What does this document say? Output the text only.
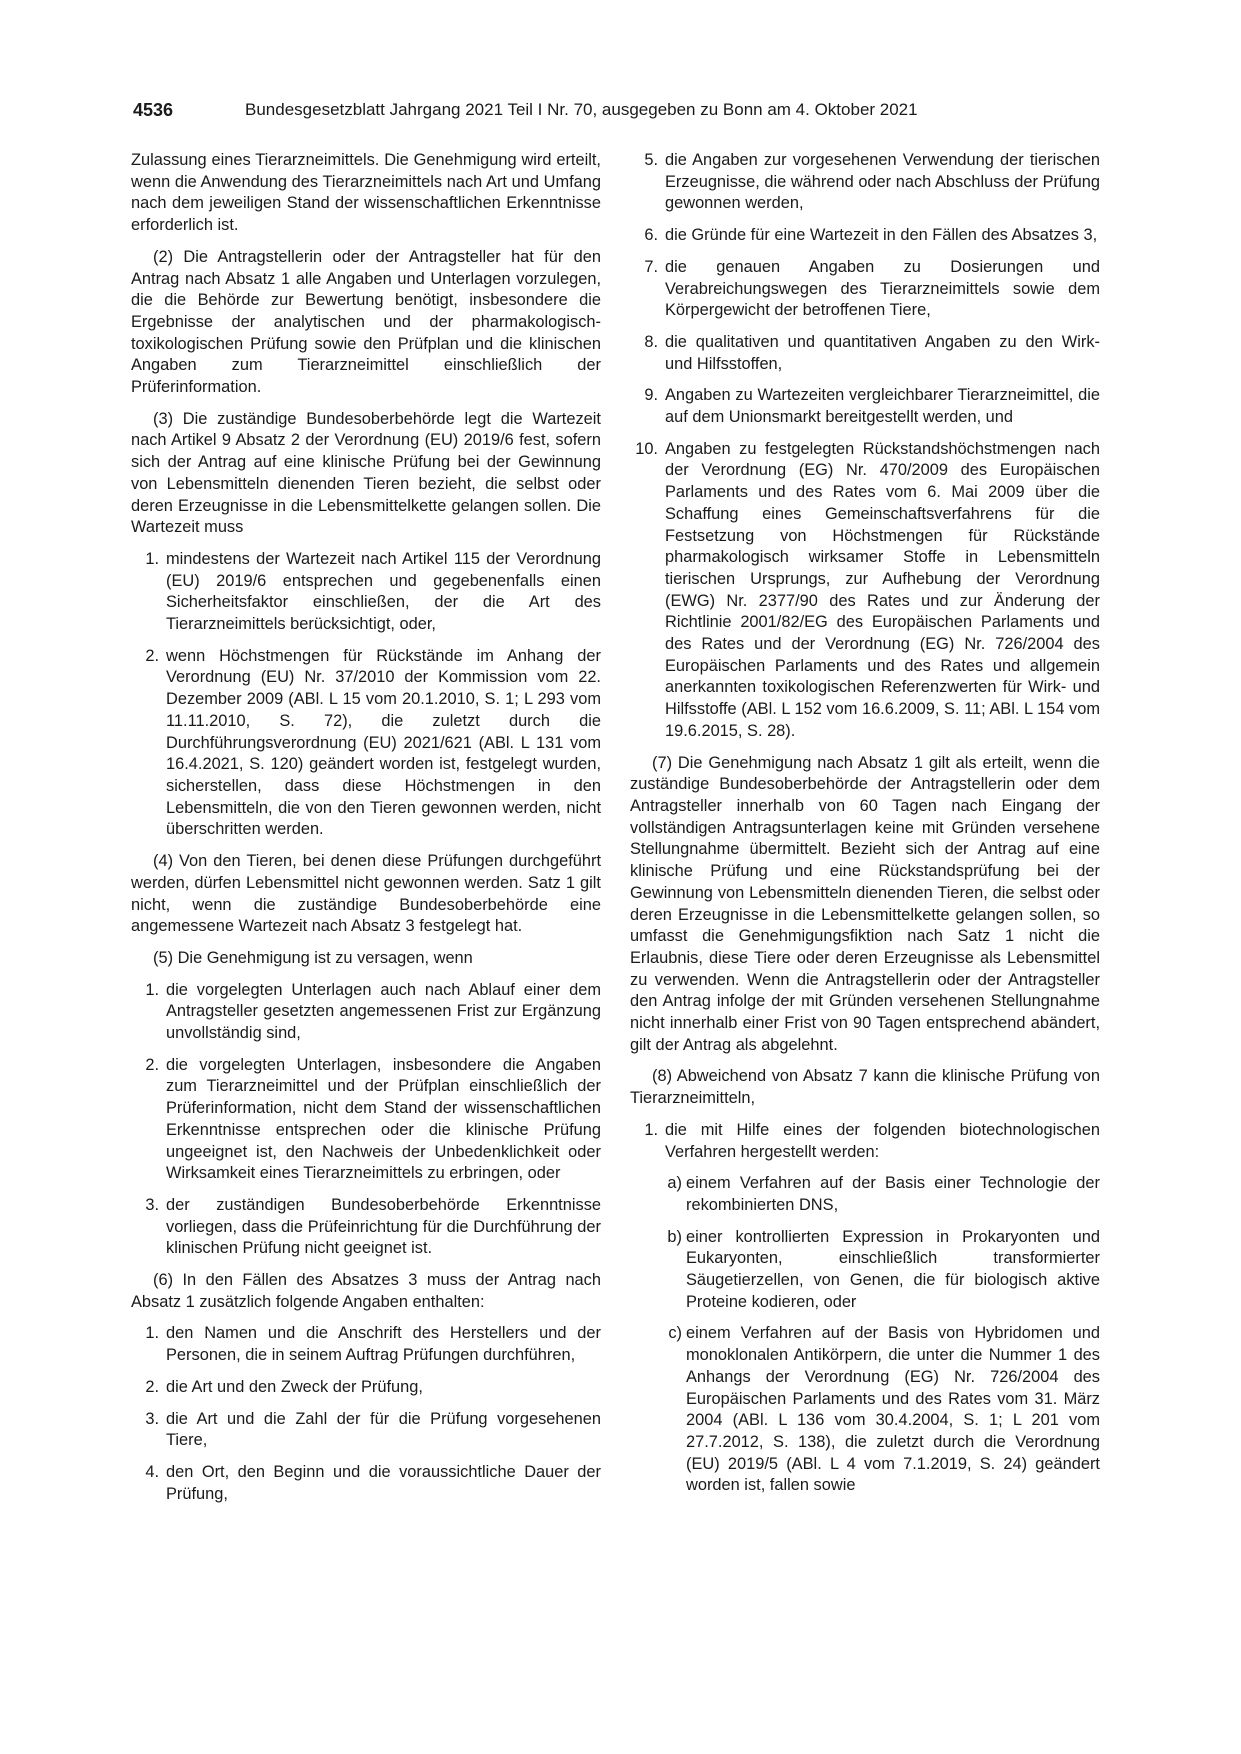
4536	Bundesgesetzblatt Jahrgang 2021 Teil I Nr. 70, ausgegeben zu Bonn am 4. Oktober 2021

Zulassung eines Tierarzneimittels. Die Genehmigung wird erteilt, wenn die Anwendung des Tierarzneimittels nach Art und Umfang nach dem jeweiligen Stand der wissenschaftlichen Erkenntnisse erforderlich ist.

(2) Die Antragstellerin oder der Antragsteller hat für den Antrag nach Absatz 1 alle Angaben und Unterlagen vorzulegen, die die Behörde zur Bewertung benötigt, insbesondere die Ergebnisse der analytischen und der pharmakologisch-toxikologischen Prüfung sowie den Prüfplan und die klinischen Angaben zum Tierarzneimittel einschließlich der Prüferinformation.

(3) Die zuständige Bundesoberbehörde legt die Wartezeit nach Artikel 9 Absatz 2 der Verordnung (EU) 2019/6 fest, sofern sich der Antrag auf eine klinische Prüfung bei der Gewinnung von Lebensmitteln dienenden Tieren bezieht, die selbst oder deren Erzeugnisse in die Lebensmittelkette gelangen sollen. Die Wartezeit muss

1. mindestens der Wartezeit nach Artikel 115 der Verordnung (EU) 2019/6 entsprechen und gegebenenfalls einen Sicherheitsfaktor einschließen, der die Art des Tierarzneimittels berücksichtigt, oder,
2. wenn Höchstmengen für Rückstände im Anhang der Verordnung (EU) Nr. 37/2010 der Kommission vom 22. Dezember 2009 (ABl. L 15 vom 20.1.2010, S. 1; L 293 vom 11.11.2010, S. 72), die zuletzt durch die Durchführungsverordnung (EU) 2021/621 (ABl. L 131 vom 16.4.2021, S. 120) geändert worden ist, festgelegt wurden, sicherstellen, dass diese Höchstmengen in den Lebensmitteln, die von den Tieren gewonnen werden, nicht überschritten werden.

(4) Von den Tieren, bei denen diese Prüfungen durchgeführt werden, dürfen Lebensmittel nicht gewonnen werden. Satz 1 gilt nicht, wenn die zuständige Bundesoberbehörde eine angemessene Wartezeit nach Absatz 3 festgelegt hat.

(5) Die Genehmigung ist zu versagen, wenn

1. die vorgelegten Unterlagen auch nach Ablauf einer dem Antragsteller gesetzten angemessenen Frist zur Ergänzung unvollständig sind,
2. die vorgelegten Unterlagen, insbesondere die Angaben zum Tierarzneimittel und der Prüfplan einschließlich der Prüferinformation, nicht dem Stand der wissenschaftlichen Erkenntnisse entsprechen oder die klinische Prüfung ungeeignet ist, den Nachweis der Unbedenklichkeit oder Wirksamkeit eines Tierarzneimittels zu erbringen, oder
3. der zuständigen Bundesoberbehörde Erkenntnisse vorliegen, dass die Prüfeinrichtung für die Durchführung der klinischen Prüfung nicht geeignet ist.

(6) In den Fällen des Absatzes 3 muss der Antrag nach Absatz 1 zusätzlich folgende Angaben enthalten:

1. den Namen und die Anschrift des Herstellers und der Personen, die in seinem Auftrag Prüfungen durchführen,
2. die Art und den Zweck der Prüfung,
3. die Art und die Zahl der für die Prüfung vorgesehenen Tiere,
4. den Ort, den Beginn und die voraussichtliche Dauer der Prüfung,
5. die Angaben zur vorgesehenen Verwendung der tierischen Erzeugnisse, die während oder nach Abschluss der Prüfung gewonnen werden,
6. die Gründe für eine Wartezeit in den Fällen des Absatzes 3,
7. die genauen Angaben zu Dosierungen und Verabreichungswegen des Tierarzneimittels sowie dem Körpergewicht der betroffenen Tiere,
8. die qualitativen und quantitativen Angaben zu den Wirk- und Hilfsstoffen,
9. Angaben zu Wartezeiten vergleichbarer Tierarzneimittel, die auf dem Unionsmarkt bereitgestellt werden, und
10. Angaben zu festgelegten Rückstandshöchstmengen nach der Verordnung (EG) Nr. 470/2009 des Europäischen Parlaments und des Rates vom 6. Mai 2009 über die Schaffung eines Gemeinschaftsverfahrens für die Festsetzung von Höchstmengen für Rückstände pharmakologisch wirksamer Stoffe in Lebensmitteln tierischen Ursprungs, zur Aufhebung der Verordnung (EWG) Nr. 2377/90 des Rates und zur Änderung der Richtlinie 2001/82/EG des Europäischen Parlaments und des Rates und der Verordnung (EG) Nr. 726/2004 des Europäischen Parlaments und des Rates und allgemein anerkannten toxikologischen Referenzwerten für Wirk- und Hilfsstoffe (ABl. L 152 vom 16.6.2009, S. 11; ABl. L 154 vom 19.6.2015, S. 28).

(7) Die Genehmigung nach Absatz 1 gilt als erteilt, wenn die zuständige Bundesoberbehörde der Antragstellerin oder dem Antragsteller innerhalb von 60 Tagen nach Eingang der vollständigen Antragsunterlagen keine mit Gründen versehene Stellungnahme übermittelt. Bezieht sich der Antrag auf eine klinische Prüfung und eine Rückstandsprüfung bei der Gewinnung von Lebensmitteln dienenden Tieren, die selbst oder deren Erzeugnisse in die Lebensmittelkette gelangen sollen, so umfasst die Genehmigungsfiktion nach Satz 1 nicht die Erlaubnis, diese Tiere oder deren Erzeugnisse als Lebensmittel zu verwenden. Wenn die Antragstellerin oder der Antragsteller den Antrag infolge der mit Gründen versehenen Stellungnahme nicht innerhalb einer Frist von 90 Tagen entsprechend abändert, gilt der Antrag als abgelehnt.

(8) Abweichend von Absatz 7 kann die klinische Prüfung von Tierarzneimitteln,

1. die mit Hilfe eines der folgenden biotechnologischen Verfahren hergestellt werden:
a) einem Verfahren auf der Basis einer Technologie der rekombinierten DNS,
b) einer kontrollierten Expression in Prokaryonten und Eukaryonten, einschließlich transformierter Säugetierzellen, von Genen, die für biologisch aktive Proteine kodieren, oder
c) einem Verfahren auf der Basis von Hybridomen und monoklonalen Antikörpern, die unter die Nummer 1 des Anhangs der Verordnung (EG) Nr. 726/2004 des Europäischen Parlaments und des Rates vom 31. März 2004 (ABl. L 136 vom 30.4.2004, S. 1; L 201 vom 27.7.2012, S. 138), die zuletzt durch die Verordnung (EU) 2019/5 (ABl. L 4 vom 7.1.2019, S. 24) geändert worden ist, fallen sowie
